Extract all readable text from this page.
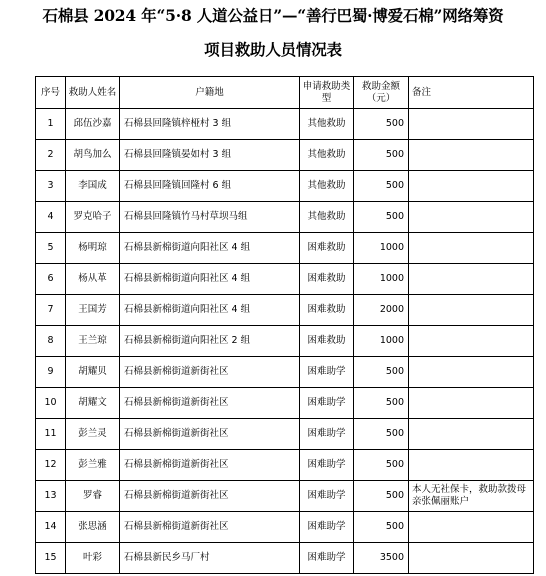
石棉县 2024 年“5·8 人道公益日”—“善行巴蜀·博爱石棉”网络筹资
项目救助人员情况表
序号	救助人姓名	户籍地	申请救助类型	救助金额（元）	备注
1	邱伍沙嘉	石棉县回隆镇梓桠村 3 组	其他救助	500	
2	胡鸟加么	石棉县回隆镇晏如村 3 组	其他救助	500	
3	李国成	石棉县回隆镇回隆村 6 组	其他救助	500	
4	罗克哈子	石棉县回隆镇竹马村草坝马组	其他救助	500	
5	杨明琼	石棉县新棉街道向阳社区 4 组	困难救助	1000	
6	杨从革	石棉县新棉街道向阳社区 4 组	困难救助	1000	
7	王国芳	石棉县新棉街道向阳社区 4 组	困难救助	2000	
8	王兰琼	石棉县新棉街道向阳社区 2 组	困难救助	1000	
9	胡耀贝	石棉县新棉街道新街社区	困难助学	500	
10	胡耀文	石棉县新棉街道新街社区	困难助学	500	
11	彭兰灵	石棉县新棉街道新街社区	困难助学	500	
12	彭兰雅	石棉县新棉街道新街社区	困难助学	500	
13	罗睿	石棉县新棉街道新街社区	困难助学	500	本人无社保卡，救助款拨母亲张佩丽账户
14	张思涵	石棉县新棉街道新街社区	困难助学	500	
15	叶彩	石棉县新民乡马厂村	困难助学	3500	
